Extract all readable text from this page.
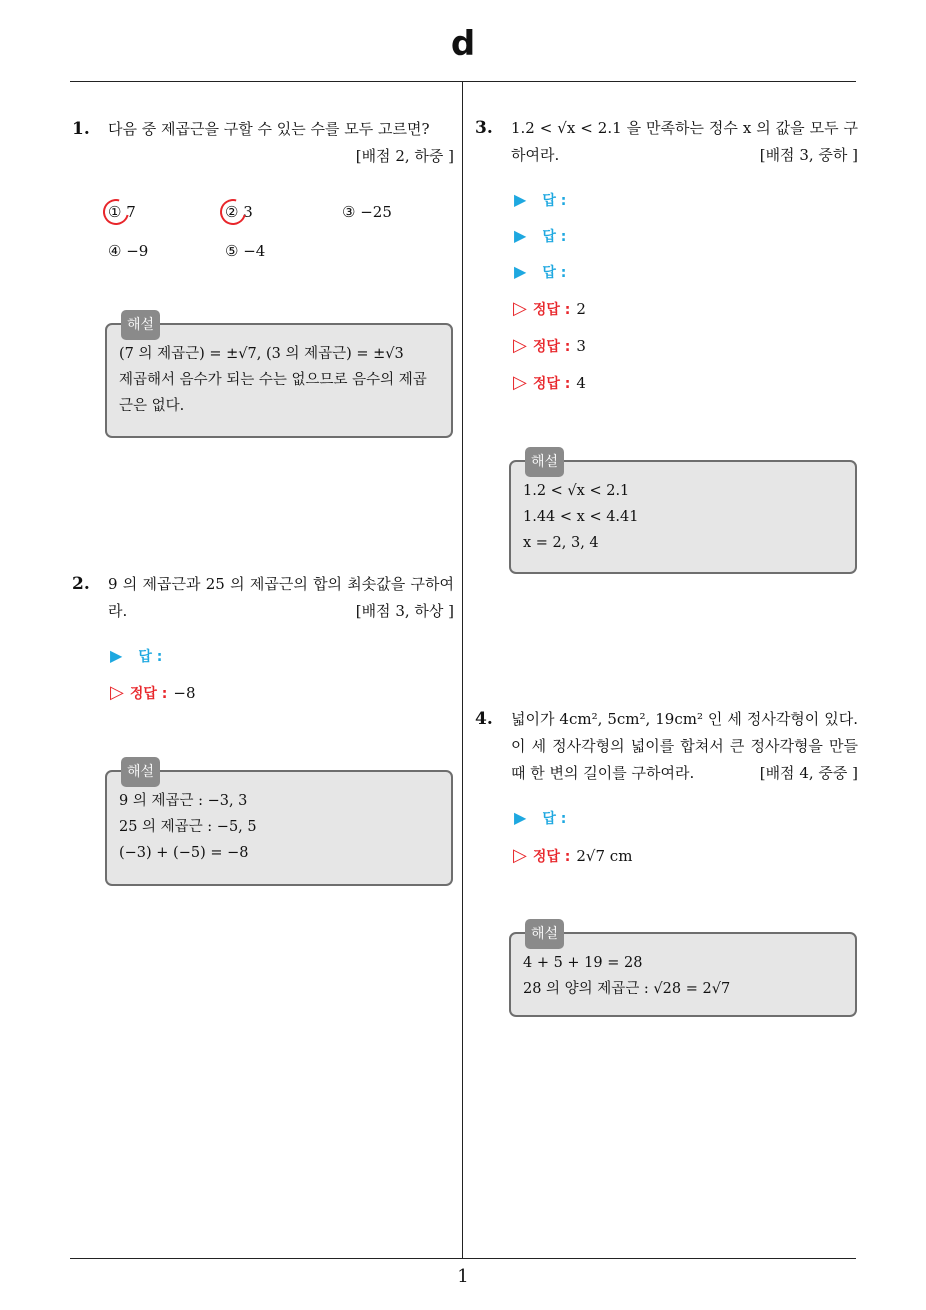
d
1. 다음 중 제곱근을 구할 수 있는 수를 모두 고르면?
[배점 2, 하중 ]
① 7	② 3	③ −25
④ −9	⑤ −4
해설
(7 의 제곱근) = ±√7, (3 의 제곱근) = ±√3
제곱해서 음수가 되는 수는 없으므로 음수의 제곱
근은 없다.
2. 9 의 제곱근과 25 의 제곱근의 합의 최솟값을 구하여라.	[배점 3, 하상 ]
▶ 답 :
▷ 정답 : −8
해설
9 의 제곱근 : −3, 3
25 의 제곱근 : −5, 5
(−3) + (−5) = −8
3. 1.2 < √x < 2.1 을 만족하는 정수 x 의 값을 모두 구하여라.	[배점 3, 중하 ]
▶ 답 :
▶ 답 :
▶ 답 :
▷ 정답 : 2
▷ 정답 : 3
▷ 정답 : 4
해설
1.2 < √x < 2.1
1.44 < x < 4.41
x = 2, 3, 4
4. 넓이가 4cm², 5cm², 19cm² 인 세 정사각형이 있다. 이 세 정사각형의 넓이를 합쳐서 큰 정사각형을 만들 때 한 변의 길이를 구하여라.	[배점 4, 중중 ]
▶ 답 :
▷ 정답 : 2√7 cm
해설
4 + 5 + 19 = 28
28 의 양의 제곱근 : √28 = 2√7
1
